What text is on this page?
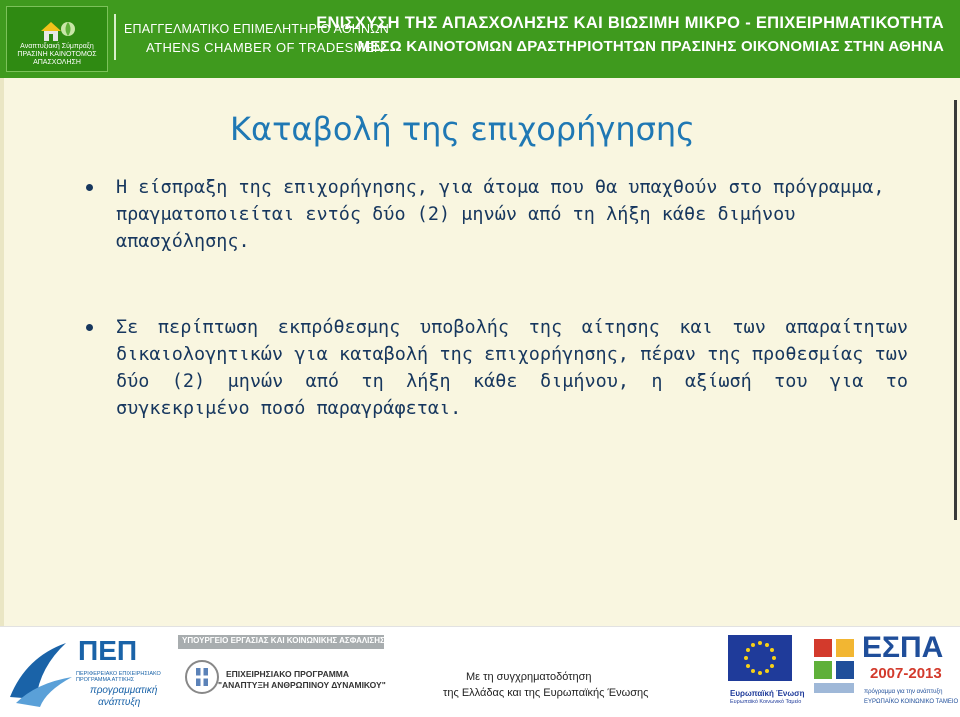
Αναπτυξιακή Σύμπραξη ΠΡΑΣΙΝΗ ΚΑΙΝΟΤΟΜΟΣ ΑΠΑΣΧΟΛΗΣΗ
ΕΠΑΓΓΕΛΜΑΤΙΚΟ ΕΠΙΜΕΛΗΤΗΡΙΟ ΑΘΗΝΩΝ
ATHENS CHAMBER OF TRADESMEN
ΕΝΙΣΧΥΣΗ ΤΗΣ ΑΠΑΣΧΟΛΗΣΗΣ ΚΑΙ ΒΙΩΣΙΜΗ ΜΙΚΡΟ - ΕΠΙΧΕΙΡΗΜΑΤΙΚΟΤΗΤΑ
ΜΕΣΩ ΚΑΙΝΟΤΟΜΩΝ ΔΡΑΣΤΗΡΙΟΤΗΤΩΝ ΠΡΑΣΙΝΗΣ ΟΙΚΟΝΟΜΙΑΣ ΣΤΗΝ ΑΘΗΝΑ
Καταβολή της επιχορήγησης
Η είσπραξη της επιχορήγησης, για άτομα που θα υπαχθούν στο πρόγραμμα, πραγματοποιείται εντός δύο (2) μηνών από τη λήξη κάθε διμήνου απασχόλησης.
Σε περίπτωση εκπρόθεσμης υποβολής της αίτησης και των απαραίτητων δικαιολογητικών για καταβολή της επιχορήγησης, πέραν της προθεσμίας των δύο (2) μηνών από τη λήξη κάθε διμήνου, η αξίωσή του για το συγκεκριμένο ποσό παραγράφεται.
ΠΕΠ
ΠΕΡΙΦΕΡΕΙΑΚΟ ΕΠΙΧΕΙΡΗΣΙΑΚΟ ΠΡΟΓΡΑΜΜΑ ΑΤΤΙΚΗΣ
προγραμματική
ανάπτυξη
ΥΠΟΥΡΓΕΙΟ ΕΡΓΑΣΙΑΣ ΚΑΙ ΚΟΙΝΩΝΙΚΗΣ ΑΣΦΑΛΙΣΗΣ
ΕΠΙΧΕΙΡΗΣΙΑΚΟ ΠΡΟΓΡΑΜΜΑ
"ΑΝΑΠΤΥΞΗ ΑΝΘΡΩΠΙΝΟΥ ΔΥΝΑΜΙΚΟΥ"
Με τη συγχρηματοδότηση
της Ελλάδας και της Ευρωπαϊκής Ένωσης	Ευρωπαϊκή Ένωση
Ευρωπαϊκό Κοινωνικό Ταμείο
ΕΣΠΑ
2007-2013
πρόγραμμα για την ανάπτυξη
ΕΥΡΩΠΑΪΚΟ ΚΟΙΝΩΝΙΚΟ ΤΑΜΕΙΟ
